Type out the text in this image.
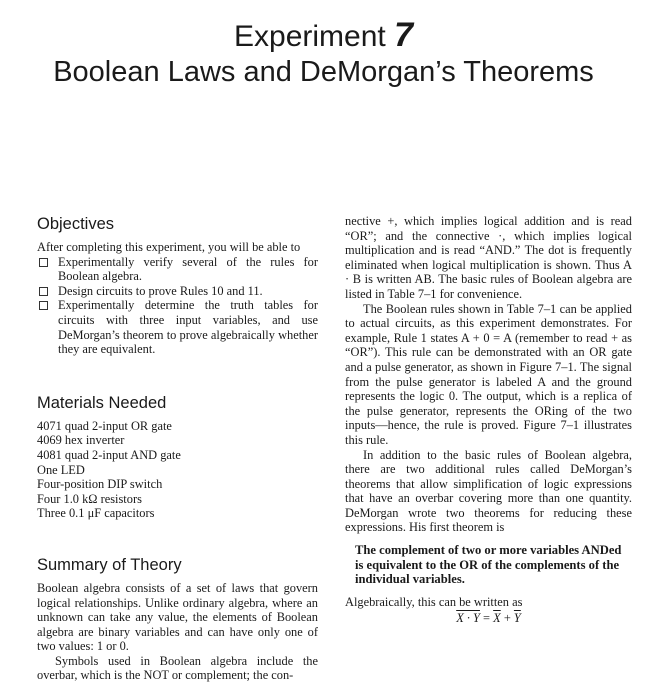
Experiment 7
Boolean Laws and DeMorgan’s Theorems
Objectives

After completing this experiment, you will be able to

Experimentally verify several of the rules for Boolean algebra.
Design circuits to prove Rules 10 and 11.
Experimentally determine the truth tables for circuits with three input variables, and use DeMorgan’s theorem to prove algebraically whether they are equivalent.
Materials Needed
4071 quad 2-input OR gate
4069 hex inverter
4081 quad 2-input AND gate
One LED
Four-position DIP switch
Four 1.0 kΩ resistors
Three 0.1 μF capacitors
Summary of Theory

Boolean algebra consists of a set of laws that govern logical relationships. Unlike ordinary algebra, where an unknown can take any value, the elements of Boolean algebra are binary variables and can have only one of two values: 1 or 0.

Symbols used in Boolean algebra include the overbar, which is the NOT or complement; the con-

nective +, which implies logical addition and is read “OR”; and the connective ·, which implies logical multiplication and is read “AND.” The dot is frequently eliminated when logical multiplication is shown. Thus A · B is written AB. The basic rules of Boolean algebra are listed in Table 7–1 for convenience.

The Boolean rules shown in Table 7–1 can be applied to actual circuits, as this experiment demonstrates. For example, Rule 1 states A + 0 = A (remember to read + as “OR”). This rule can be demonstrated with an OR gate and a pulse generator, as shown in Figure 7–1. The signal from the pulse generator is labeled A and the ground represents the logic 0. The output, which is a replica of the pulse generator, represents the ORing of the two inputs—hence, the rule is proved. Figure 7–1 illustrates this rule.

In addition to the basic rules of Boolean algebra, there are two additional rules called DeMorgan’s theorems that allow simplification of logic expressions that have an overbar covering more than one quantity. DeMorgan wrote two theorems for reducing these expressions. His first theorem is

The complement of two or more variables ANDed is equivalent to the OR of the complements of the individual variables.

Algebraically, this can be written as

$X \cdot Y = \overline{X} + \overline{Y}$
